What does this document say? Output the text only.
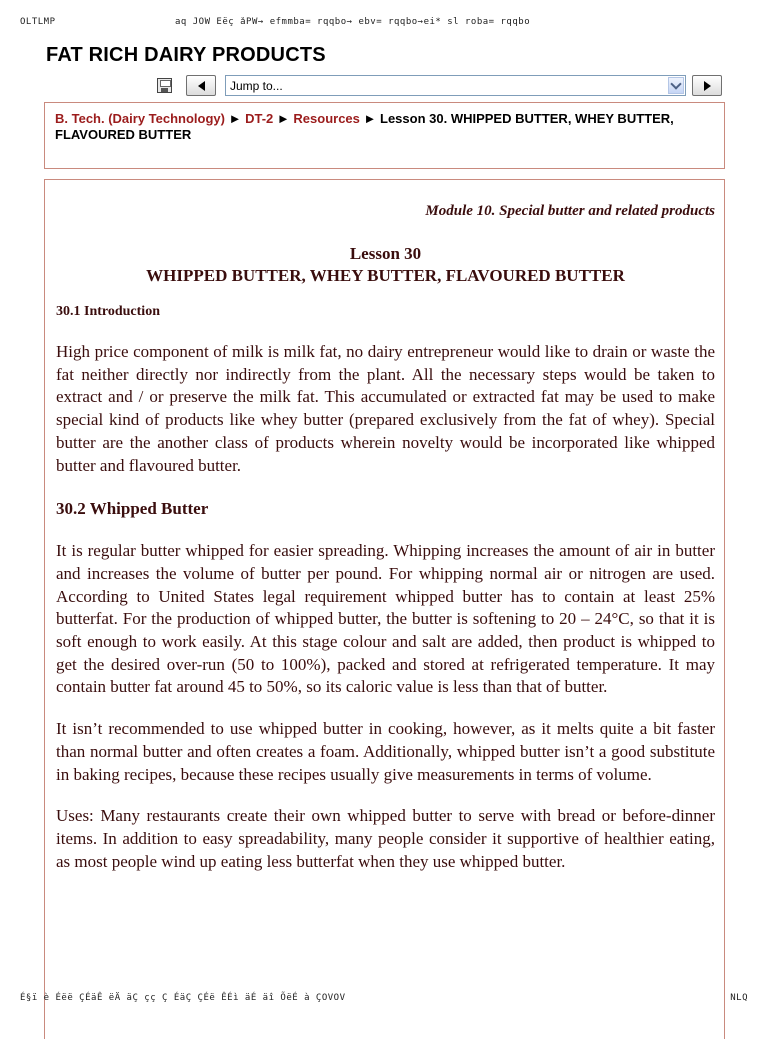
OLTLMP	aq JOW Éëç åPW→ efmmba= rqqbo→ ebv= rqqbo→ei* sl roba= rqqbo
FAT RICH DAIRY PRODUCTS
Jump to...
B. Tech. (Dairy Technology) ► DT-2 ► Resources ► Lesson 30. WHIPPED BUTTER, WHEY BUTTER, FLAVOURED BUTTER
Module 10. Special butter and related products
Lesson 30
WHIPPED BUTTER, WHEY BUTTER, FLAVOURED BUTTER
30.1 Introduction
High price component of milk is milk fat, no dairy entrepreneur would like to drain or waste the fat neither directly nor indirectly from the plant. All the necessary steps would be taken to extract and / or preserve the milk fat. This accumulated or extracted fat may be used to make special kind of products like whey butter (prepared exclusively from the fat of whey). Special butter are the another class of products wherein novelty would be incorporated like whipped butter and flavoured butter.
30.2 Whipped Butter
It is regular butter whipped for easier spreading. Whipping increases the amount of air in butter and increases the volume of butter per pound. For whipping normal air or nitrogen are used. According to United States legal requirement whipped butter has to contain at least 25% butterfat. For the production of whipped butter, the butter is softening to 20 – 24°C, so that it is soft enough to work easily. At this stage colour and salt are added, then product is whipped to get the desired over-run (50 to 100%), packed and stored at refrigerated temperature. It may contain butter fat around 45 to 50%, so its caloric value is less than that of butter.
It isn’t recommended to use whipped butter in cooking, however, as it melts quite a bit faster than normal butter and often creates a foam. Additionally, whipped butter isn’t a good substitute in baking recipes, because these recipes usually give measurements in terms of volume.
Uses: Many restaurants create their own whipped butter to serve with bread or before-dinner items. In addition to easy spreadability, many people consider it supportive of healthier eating, as most people wind up eating less butterfat when they use whipped butter.
É§ï è Éëë ÇÉäÊ ëÄ äÇ çç Ç ÉäÇ ÇÉë ÊÉì äÉ äî ÕëÉ à ÇOVOV	NLQ
